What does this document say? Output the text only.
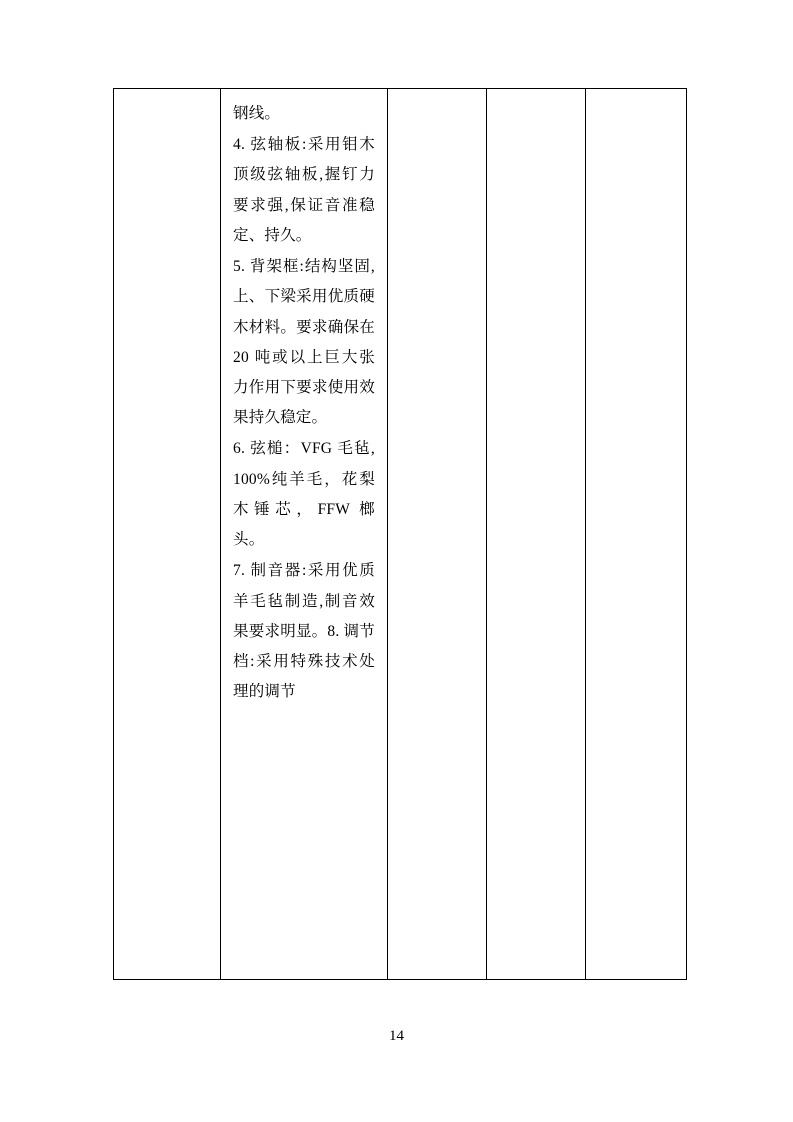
钢线。

4. 弦轴板:采用钼木顶级弦轴板,握钉力要求强,保证音准稳定、持久。

5. 背架框:结构坚固,上、下梁采用优质硬木材料。要求确保在 20 吨或以上巨大张力作用下要求使用效果持久稳定。

6. 弦槌：VFG 毛毡,100%纯羊毛，花梨木锤芯，FFW 榔头。

7. 制音器:采用优质羊毛毡制造,制音效果要求明显。8. 调节档:采用特殊技术处理的调节

14
